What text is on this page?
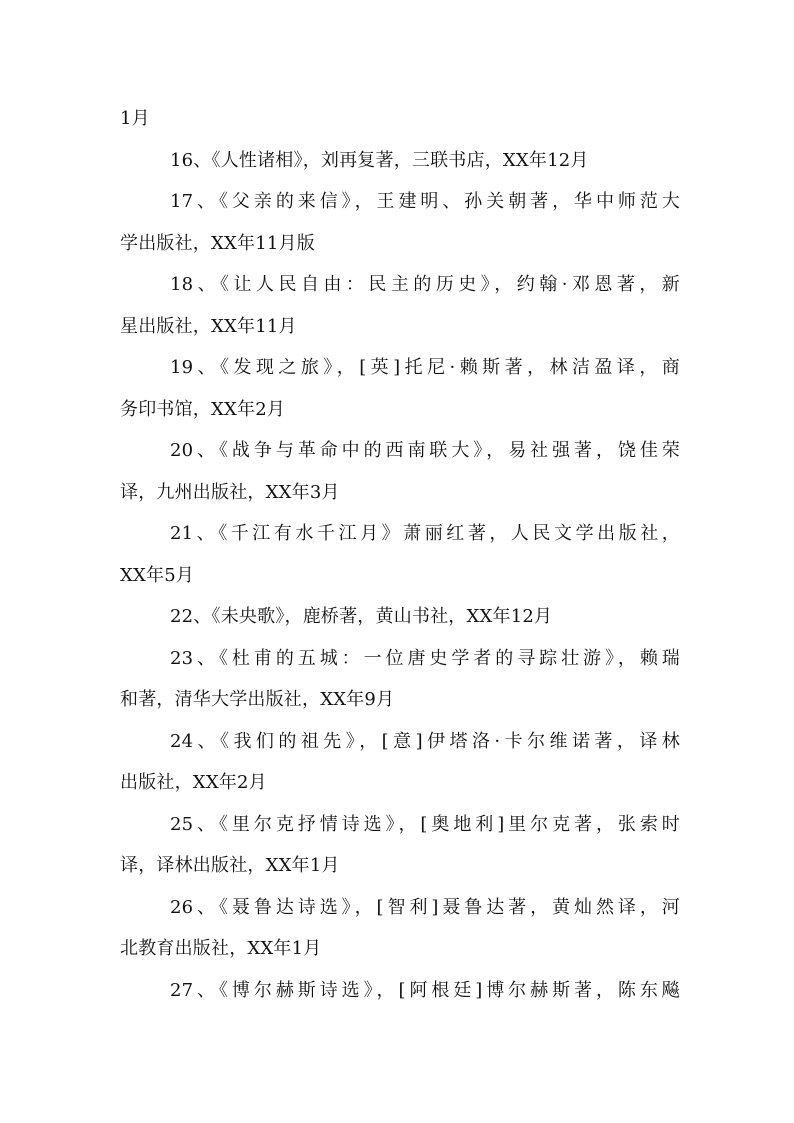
1月
16、《人性诸相》，刘再复著，三联书店，XX年12月
17、《父亲的来信》，王建明、孙关朝著，华中师范大
学出版社，XX年11月版
18、《让人民自由：民主的历史》，约翰·邓恩著，新
星出版社，XX年11月
19、《发现之旅》，[英]托尼·赖斯著，林洁盈译，商
务印书馆，XX年2月
20、《战争与革命中的西南联大》，易社强著，饶佳荣
译，九州出版社，XX年3月
21、《千江有水千江月》萧丽红著，人民文学出版社，
XX年5月
22、《未央歌》，鹿桥著，黄山书社，XX年12月
23、《杜甫的五城：一位唐史学者的寻踪壮游》，赖瑞
和著，清华大学出版社，XX年9月
24、《我们的祖先》，[意]伊塔洛·卡尔维诺著，译林
出版社，XX年2月
25、《里尔克抒情诗选》，[奥地利]里尔克著，张索时
译，译林出版社，XX年1月
26、《聂鲁达诗选》，[智利]聂鲁达著，黄灿然译，河
北教育出版社，XX年1月
27、《博尔赫斯诗选》，[阿根廷]博尔赫斯著，陈东飚
